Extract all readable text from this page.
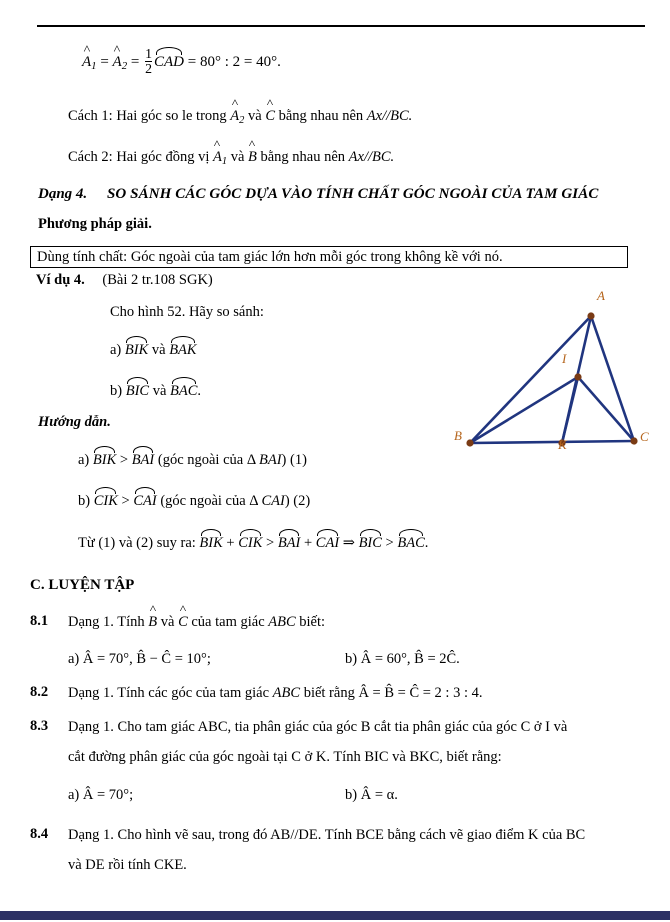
^ $A_1$ = ^ $A_2 = \frac{1}{2}$ CAD = 80° : 2 = 40°.
Cách 1: Hai góc so le trong ^ $A_2$ và ^ C bằng nhau nên Ax//BC.
Cách 2: Hai góc đồng vị ^ $A_1$ và ^ B bằng nhau nên Ax//BC.
Dạng 4. SO SÁNH CÁC GÓC DỰA VÀO TÍNH CHẤT GÓC NGOÀI CỦA TAM GIÁC
Phương pháp giải.
Dùng tính chất: Góc ngoài của tam giác lớn hơn mỗi góc trong không kề với nó.
Ví dụ 4. (Bài 2 tr.108 SGK)
Cho hình 52. Hãy so sánh:
a) BIK và BAK
b) BIC và BAC.
A
I
B
K
C
Hướng dẫn.
a) BIK > BAI (góc ngoài của Δ BAI) (1)
b) CIK > CAI (góc ngoài của Δ CAI) (2)
Từ (1) và (2) suy ra: BIK + CIK > BAI + CAI ⇒ BIC > BAC.
C. LUYỆN TẬP
8.1 Dạng 1. Tính ^ B và ^ C của tam giác ABC biết:
a) Â = 70°, B̂ − Ĉ = 10°;	b) Â = 60°, B̂ = 2Ĉ.
8.2 Dạng 1. Tính các góc của tam giác ABC biết rằng Â = B̂ = Ĉ = 2 : 3 : 4.
8.3 Dạng 1. Cho tam giác ABC, tia phân giác của góc B cắt tia phân giác của góc C ở I và
cắt đường phân giác của góc ngoài tại C ở K. Tính BIC và BKC, biết rằng:
a) Â = 70°;	b) Â = α.
8.4 Dạng 1. Cho hình vẽ sau, trong đó AB//DE. Tính BCE bằng cách vẽ giao điểm K của BC
và DE rồi tính CKE.
